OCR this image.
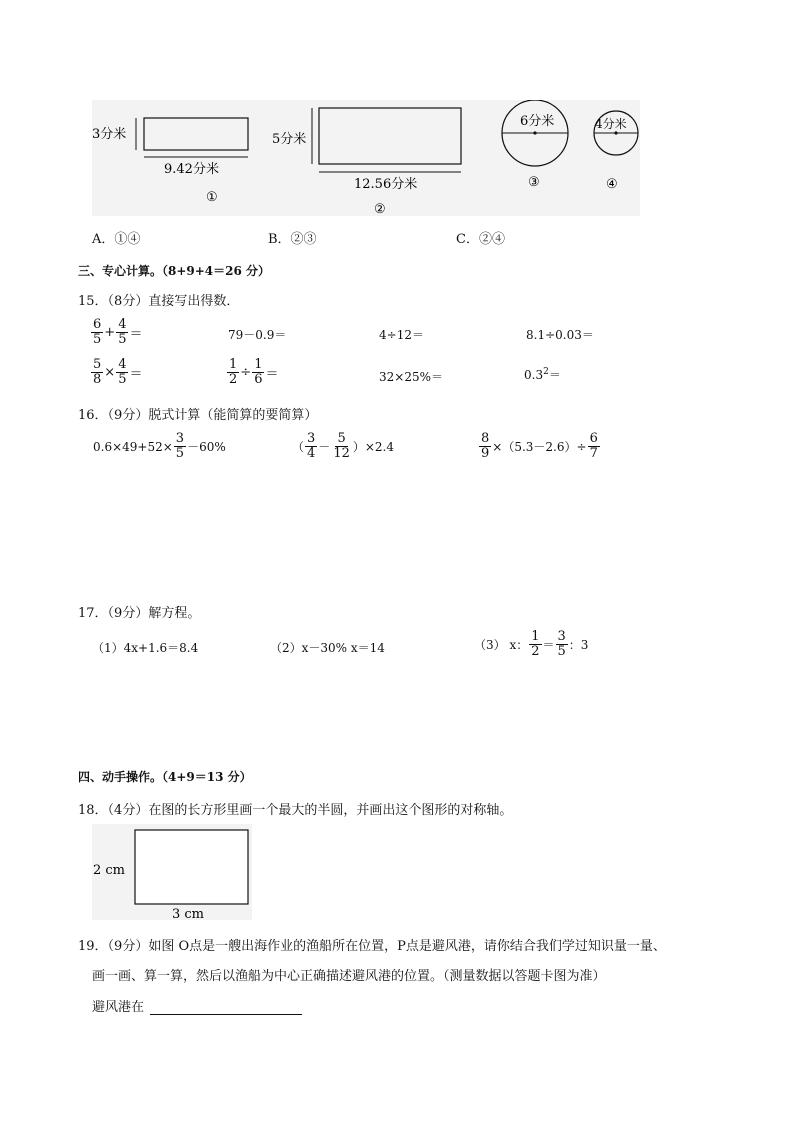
3分米
9.42分米
①
5分米
12.56分米
②
6分米
③
4分米
④
A．①④	B．②③	C．②④
三、专心计算。（8+9+4＝26 分）
15．（8分）直接写出得数．
$\frac{6}{5} + \frac{4}{5}$ ＝	79－0.9＝	4÷12＝	8.1÷0.03＝
$\frac{5}{8} \times \frac{4}{5}$ ＝	$\frac{1}{2} \div \frac{1}{6}$ ＝	32×25%＝	$0.3^2=$
16．（9分）脱式计算（能简算的要简算）
$0.6\times 49+52\times \frac{3}{5} -60\%$	（ $\frac{3}{4} - \frac{5}{12} )\times 2.4$	$\frac{8}{9} \times(5.3-2.6)\div \frac{6}{7}$
17．（9分）解方程。
（1）4x+1.6＝8.4	（2）x－30% x＝14	（3） x： $\frac{1}{2} = \frac{3}{5}$ ：3
四、动手操作。（4+9＝13 分）
18．（4分）在图的长方形里画一个最大的半圆，并画出这个图形的对称轴。
2 cm
3 cm
19．（9分）如图 O点是一艘出海作业的渔船所在位置，P点是避风港，请你结合我们学过知识量一量、
画一画、算一算，然后以渔船为中心正确描述避风港的位置。（测量数据以答题卡图为准）
避风港在
